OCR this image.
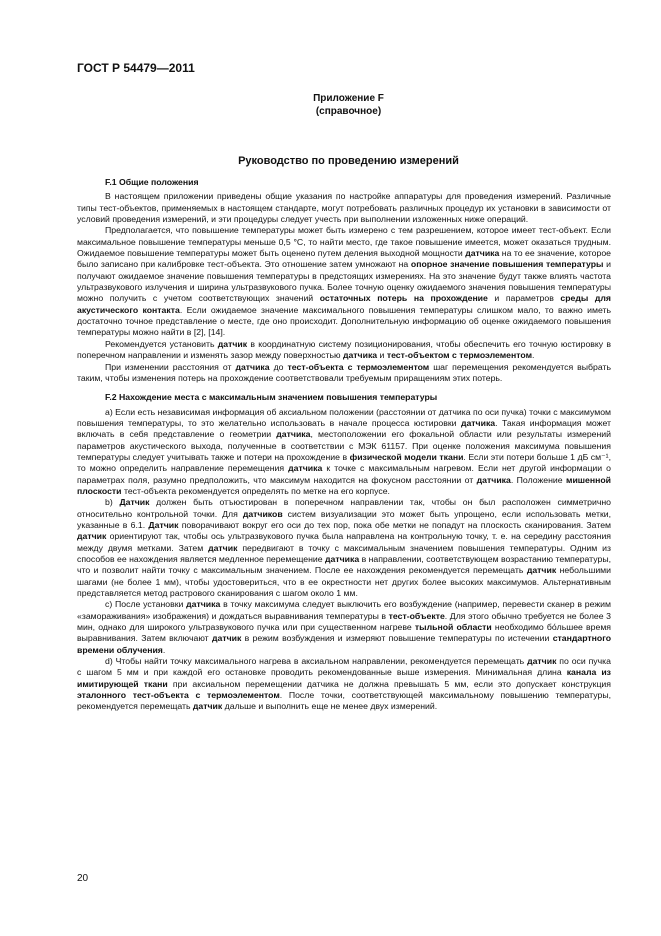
ГОСТ Р 54479—2011
Приложение F
(справочное)
Руководство по проведению измерений
F.1 Общие положения

В настоящем приложении приведены общие указания по настройке аппаратуры для проведения измерений. Различные типы тест-объектов, применяемых в настоящем стандарте, могут потребовать различных процедур их установки в зависимости от условий проведения измерений, и эти процедуры следует учесть при выполнении изложенных ниже операций.

Предполагается, что повышение температуры может быть измерено с тем разрешением, которое имеет тест-объект. Если максимальное повышение температуры меньше 0,5 °С, то найти место, где такое повышение имеется, может оказаться трудным. Ожидаемое повышение температуры может быть оценено путем деления выходной мощности датчика на то ее значение, которое было записано при калибровке тест-объекта. Это отношение затем умножают на опорное значение повышения температуры и получают ожидаемое значение повышения температуры в предстоящих измерениях. На это значение будут также влиять частота ультразвукового излучения и ширина ультразвукового пучка. Более точную оценку ожидаемого значения повышения температуры можно получить с учетом соответствующих значений остаточных потерь на прохождение и параметров среды для акустического контакта. Если ожидаемое значение максимального повышения температуры слишком мало, то важно иметь достаточно точное представление о месте, где оно происходит. Дополнительную информацию об оценке ожидаемого повышения температуры можно найти в [2], [14].

Рекомендуется установить датчик в координатную систему позиционирования, чтобы обеспечить его точную юстировку в поперечном направлении и изменять зазор между поверхностью датчика и тест-объектом с термоэлементом.

При изменении расстояния от датчика до тест-объекта с термоэлементом шаг перемещения рекомендуется выбрать таким, чтобы изменения потерь на прохождение соответствовали требуемым приращениям этих потерь.

F.2 Нахождение места с максимальным значением повышения температуры

а) Если есть независимая информация об аксиальном положении (расстоянии от датчика по оси пучка) точки с максимумом повышения температуры, то это желательно использовать в начале процесса юстировки датчика. Такая информация может включать в себя представление о геометрии датчика, местоположении его фокальной области или результаты измерений параметров акустического выхода, полученные в соответствии с МЭК 61157. При оценке положения максимума повышения температуры следует учитывать также и потери на прохождение в физической модели ткани. Если эти потери больше 1 дБ см⁻¹, то можно определить направление перемещения датчика к точке с максимальным нагревом. Если нет другой информации о параметрах поля, разумно предположить, что максимум находится на фокусном расстоянии от датчика. Положение мишенной плоскости тест-объекта рекомендуется определять по метке на его корпусе.

b) Датчик должен быть отъюстирован в поперечном направлении так, чтобы он был расположен симметрично относительно контрольной точки. Для датчиков систем визуализации это может быть упрощено, если использовать метки, указанные в 6.1. Датчик поворачивают вокруг его оси до тех пор, пока обе метки не попадут на плоскость сканирования. Затем датчик ориентируют так, чтобы ось ультразвукового пучка была направлена на контрольную точку, т. е. на середину расстояния между двумя метками. Затем датчик передвигают в точку с максимальным значением повышения температуры. Одним из способов ее нахождения является медленное перемещение датчика в направлении, соответствующем возрастанию температуры, что и позволит найти точку с максимальным значением. После ее нахождения рекомендуется перемещать датчик небольшими шагами (не более 1 мм), чтобы удостовериться, что в ее окрестности нет других более высоких максимумов. Альтернативным представляется метод растрового сканирования с шагом около 1 мм.

c) После установки датчика в точку максимума следует выключить его возбуждение (например, перевести сканер в режим «замораживания» изображения) и дождаться выравнивания температуры в тест-объекте. Для этого обычно требуется не более 3 мин, однако для широкого ультразвукового пучка или при существенном нагреве тыльной области необходимо бо́льшее время выравнивания. Затем включают датчик в режим возбуждения и измеряют повышение температуры по истечении стандартного времени облучения.

d) Чтобы найти точку максимального нагрева в аксиальном направлении, рекомендуется перемещать датчик по оси пучка с шагом 5 мм и при каждой его остановке проводить рекомендованные выше измерения. Минимальная длина канала из имитирующей ткани при аксиальном перемещении датчика не должна превышать 5 мм, если это допускает конструкция эталонного тест-объекта с термоэлементом. После точки, соответствующей максимальному повышению температуры, рекомендуется перемещать датчик дальше и выполнить еще не менее двух измерений.

20
